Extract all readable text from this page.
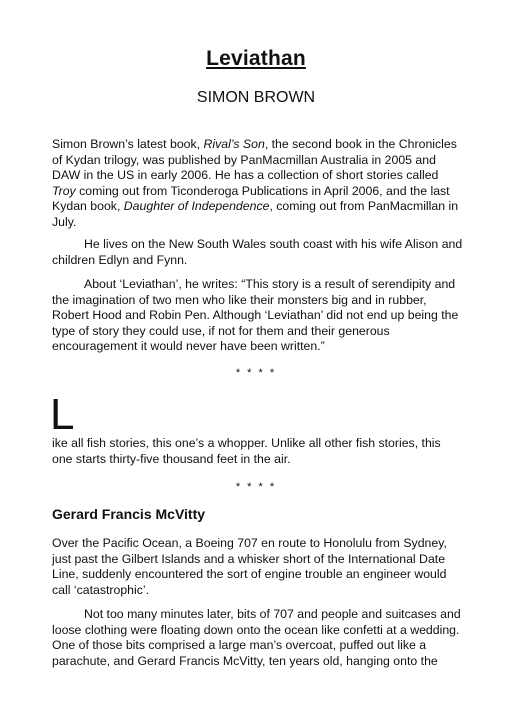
Leviathan
SIMON BROWN

Simon Brown’s latest book, Rival’s Son, the second book in the Chronicles of Kydan trilogy, was published by PanMacmillan Australia in 2005 and DAW in the US in early 2006. He has a collection of short stories called Troy coming out from Ticonderoga Publications in April 2006, and the last Kydan book, Daughter of Independence, coming out from PanMacmillan in July.

He lives on the New South Wales south coast with his wife Alison and children Edlyn and Fynn.

About ‘Leviathan’, he writes: “This story is a result of serendipity and the imagination of two men who like their monsters big and in rubber, Robert Hood and Robin Pen. Although ‘Leviathan’ did not end up being the type of story they could use, if not for them and their generous encouragement it would never have been written.”

* * * *
L

ike all fish stories, this one’s a whopper. Unlike all other fish stories, this one starts thirty-five thousand feet in the air.

* * * *
Gerard Francis McVitty

Over the Pacific Ocean, a Boeing 707 en route to Honolulu from Sydney, just past the Gilbert Islands and a whisker short of the International Date Line, suddenly encountered the sort of engine trouble an engineer would call ‘catastrophic’.

Not too many minutes later, bits of 707 and people and suitcases and loose clothing were floating down onto the ocean like confetti at a wedding. One of those bits comprised a large man’s overcoat, puffed out like a parachute, and Gerard Francis McVitty, ten years old, hanging onto the
